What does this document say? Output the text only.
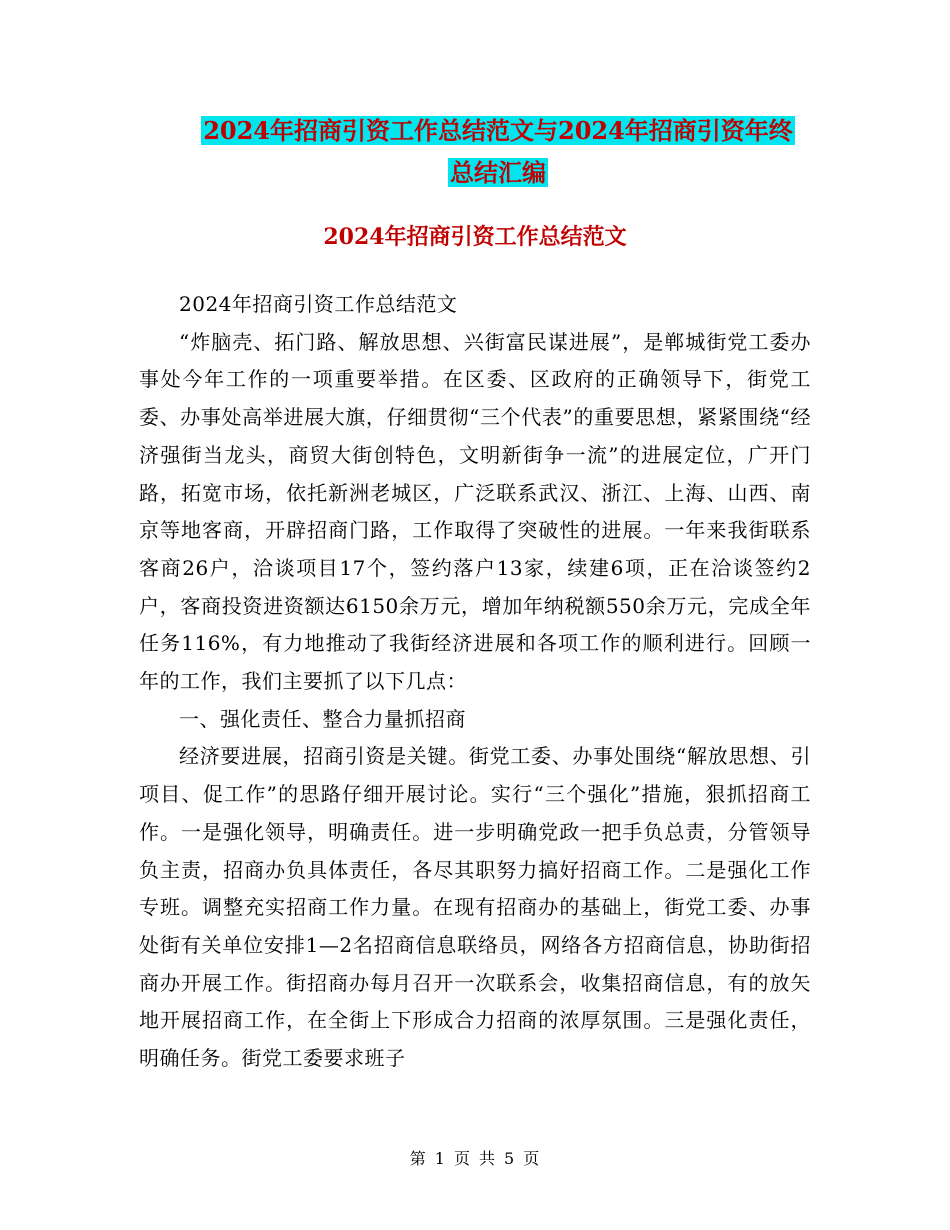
2024年招商引资工作总结范文与2024年招商引资年终
总结汇编
2024年招商引资工作总结范文

2024年招商引资工作总结范文

“炸脑壳、拓门路、解放思想、兴街富民谋进展”，是郸城街党工委办事处今年工作的一项重要举措。在区委、区政府的正确领导下，街党工委、办事处高举进展大旗，仔细贯彻“三个代表”的重要思想，紧紧围绕“经济强街当龙头，商贸大街创特色，文明新街争一流”的进展定位，广开门路，拓宽市场，依托新洲老城区，广泛联系武汉、浙江、上海、山西、南京等地客商，开辟招商门路，工作取得了突破性的进展。一年来我街联系客商26户，洽谈项目17个，签约落户13家，续建6项，正在洽谈签约2户，客商投资进资额达6150余万元，增加年纳税额550余万元，完成全年任务116%，有力地推动了我街经济进展和各项工作的顺利进行。回顾一年的工作，我们主要抓了以下几点：

一、强化责任、整合力量抓招商

经济要进展，招商引资是关键。街党工委、办事处围绕“解放思想、引项目、促工作”的思路仔细开展讨论。实行“三个强化”措施，狠抓招商工作。一是强化领导，明确责任。进一步明确党政一把手负总责，分管领导负主责，招商办负具体责任，各尽其职努力搞好招商工作。二是强化工作专班。调整充实招商工作力量。在现有招商办的基础上，街党工委、办事处街有关单位安排1—2名招商信息联络员，网络各方招商信息，协助街招商办开展工作。街招商办每月召开一次联系会，收集招商信息，有的放矢地开展招商工作，在全街上下形成合力招商的浓厚氛围。三是强化责任，明确任务。街党工委要求班子

第 1 页 共 5 页
